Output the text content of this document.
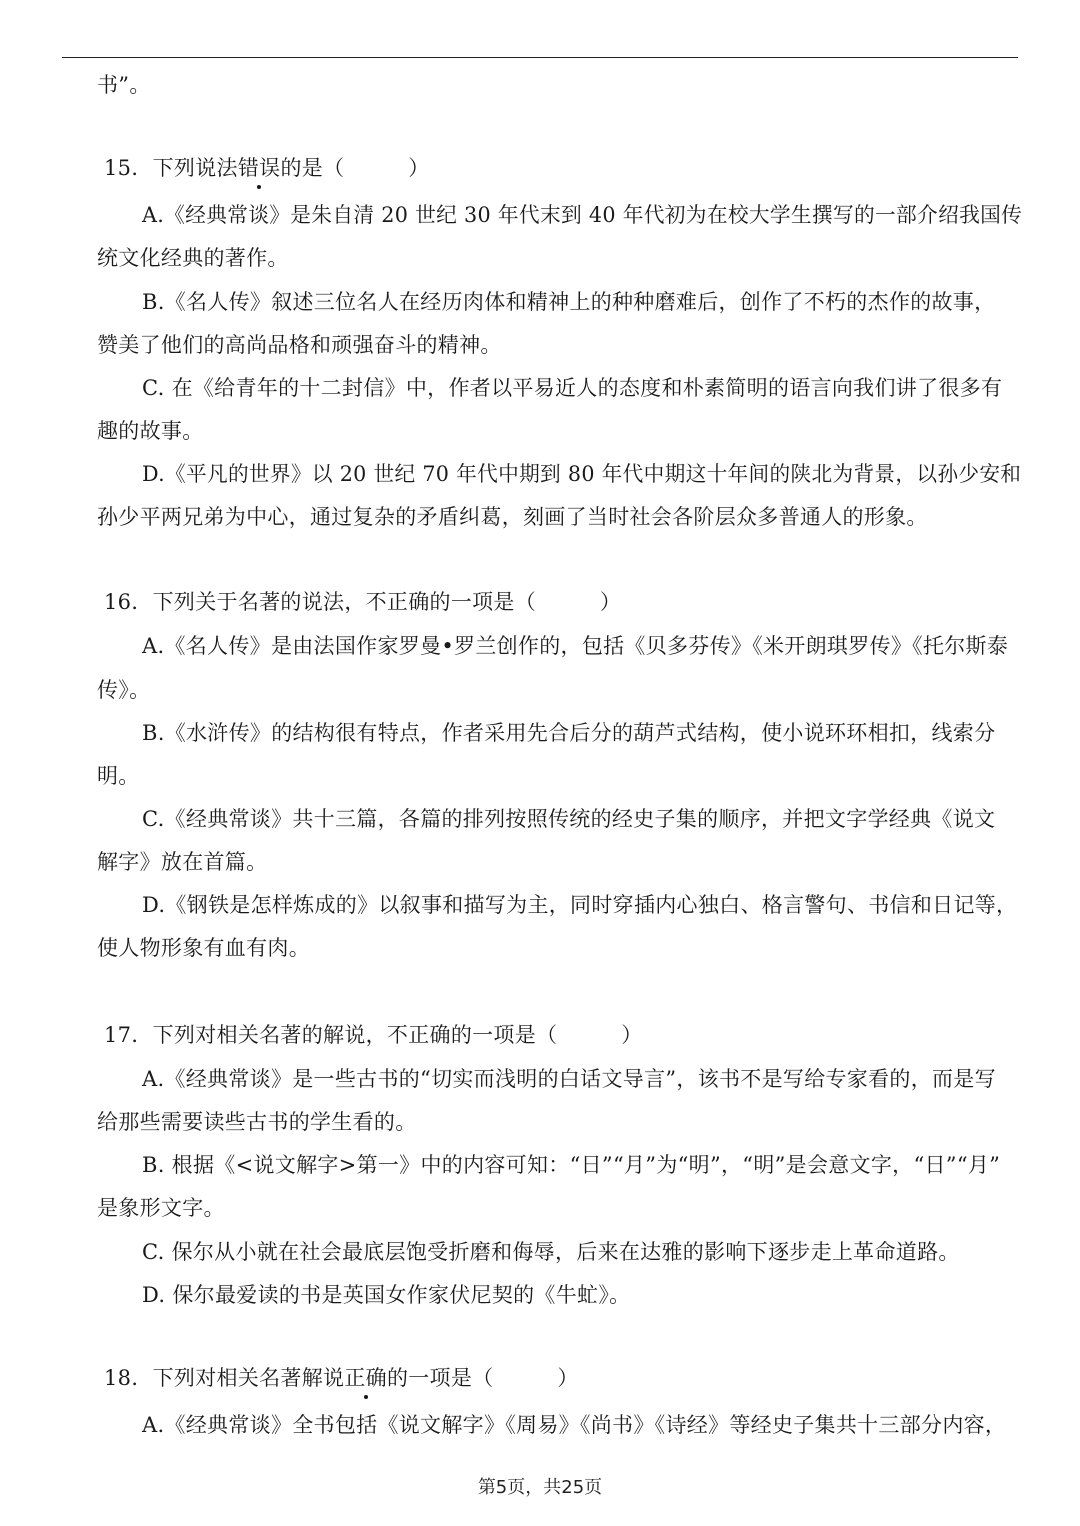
书”。
15．下列说法错误的是（　　　）
A.《经典常谈》是朱自清 20 世纪 30 年代末到 40 年代初为在校大学生撰写的一部介绍我国传
统文化经典的著作。
B.《名人传》叙述三位名人在经历肉体和精神上的种种磨难后，创作了不朽的杰作的故事，
赞美了他们的高尚品格和顽强奋斗的精神。
C. 在《给青年的十二封信》中，作者以平易近人的态度和朴素简明的语言向我们讲了很多有
趣的故事。
D.《平凡的世界》以 20 世纪 70 年代中期到 80 年代中期这十年间的陕北为背景，以孙少安和
孙少平两兄弟为中心，通过复杂的矛盾纠葛，刻画了当时社会各阶层众多普通人的形象。
16．下列关于名著的说法，不正确的一项是（　　　）
A.《名人传》是由法国作家罗曼•罗兰创作的，包括《贝多芬传》《米开朗琪罗传》《托尔斯泰
传》。
B.《水浒传》的结构很有特点，作者采用先合后分的葫芦式结构，使小说环环相扣，线索分
明。
C.《经典常谈》共十三篇，各篇的排列按照传统的经史子集的顺序，并把文字学经典《说文
解字》放在首篇。
D.《钢铁是怎样炼成的》以叙事和描写为主，同时穿插内心独白、格言警句、书信和日记等，
使人物形象有血有肉。
17．下列对相关名著的解说，不正确的一项是（　　　）
A.《经典常谈》是一些古书的“切实而浅明的白话文导言”，该书不是写给专家看的，而是写
给那些需要读些古书的学生看的。
B. 根据《<说文解字>第一》中的内容可知：“日”“月”为“明”，“明”是会意文字，“日”“月”
是象形文字。
C. 保尔从小就在社会最底层饱受折磨和侮辱，后来在达雅的影响下逐步走上革命道路。
D. 保尔最爱读的书是英国女作家伏尼契的《牛虻》。
18．下列对相关名著解说正确的一项是（　　　）
A.《经典常谈》全书包括《说文解字》《周易》《尚书》《诗经》等经史子集共十三部分内容，
第5页，共25页
